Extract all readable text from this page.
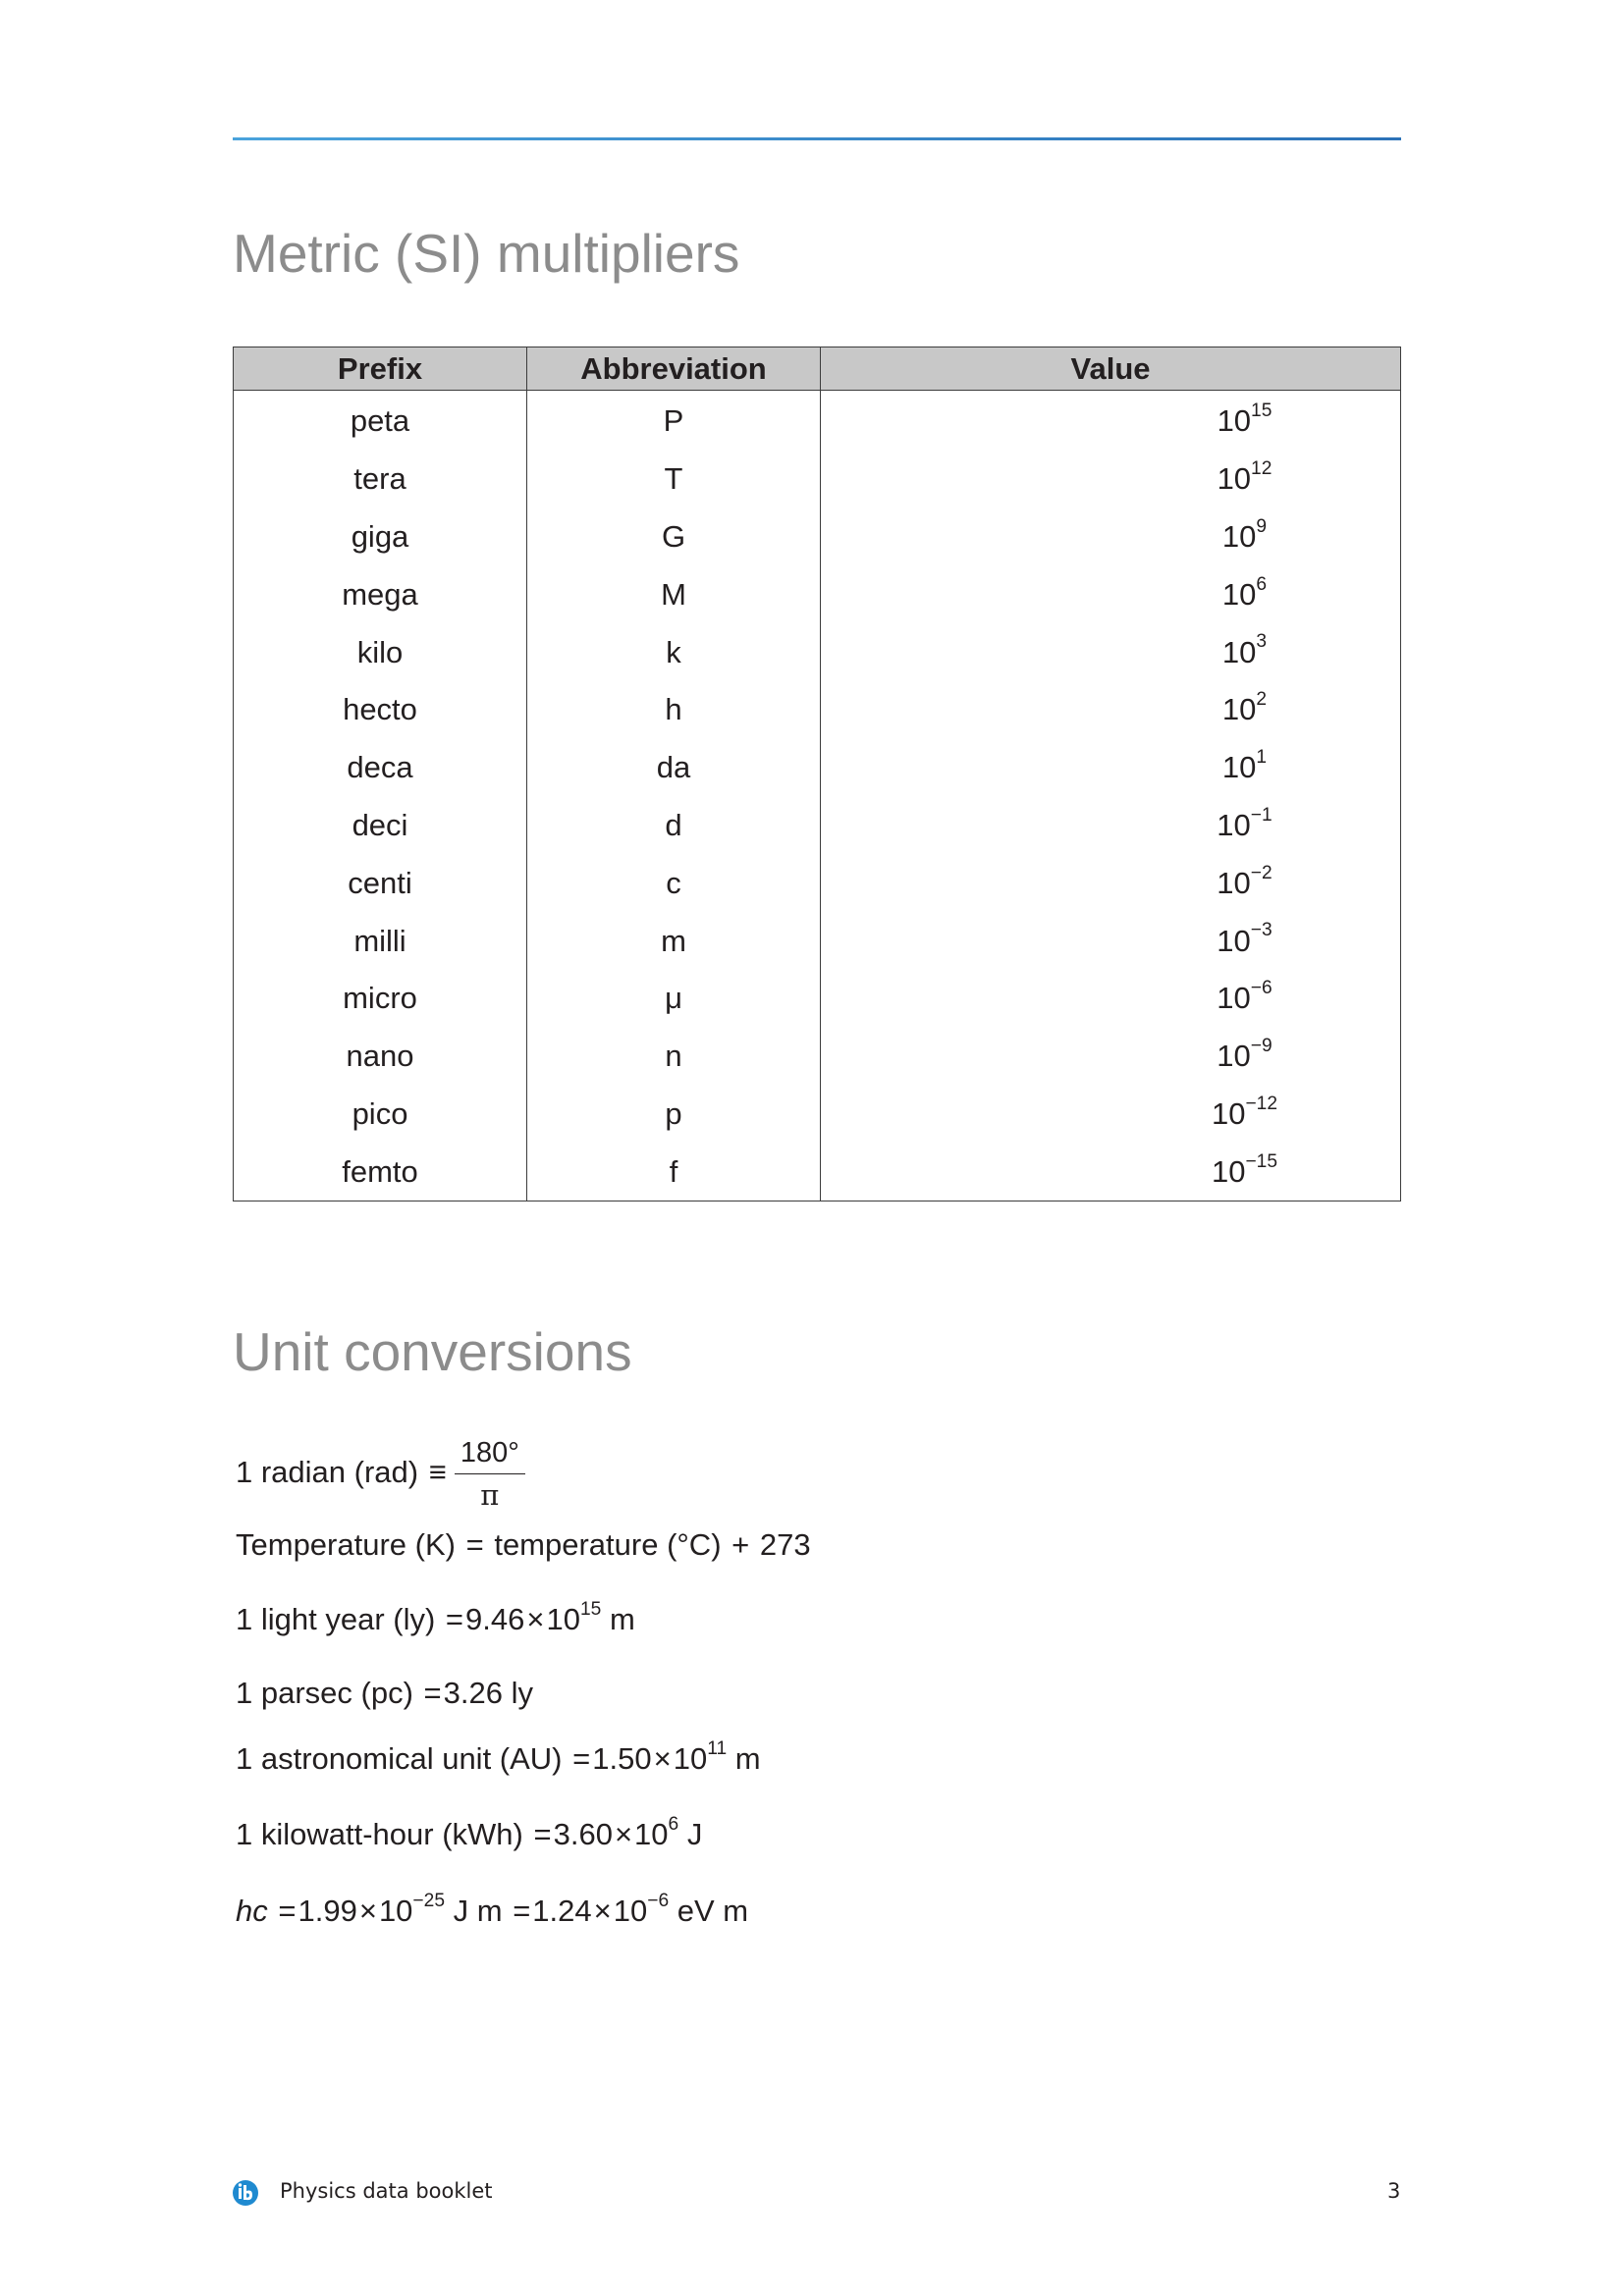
Metric (SI) multipliers
Prefix	Abbreviation	Value
peta	P	$10^{15}$
tera	T	$10^{12}$
giga	G	$10^9$
mega	M	$10^6$
kilo	k	$10^3$
hecto	h	$10^2$
deca	da	$10^1$
deci	d	$10^{-1}$
centi	c	$10^{-2}$
milli	m	$10^{-3}$
micro	μ	$10^{-6}$
nano	n	$10^{-9}$
pico	p	$10^{-12}$
femto	f	$10^{-15}$
Unit conversions
1 radian $(rad) \equiv \frac{180^\circ}{\pi}$
Temperature (K) = temperature (°C) + 273
1 light year $(ly) =9.46\times 10^{15}$ m
1 parsec (pc) =3.26 ly
1 astronomical unit $(AU) =1.50\times 10^{11}$ m
1 kilowatt-hour $(kWh) =3.60\times 10^6$ J
hc $=1.99\times 10^{-25}$ J $m =1.24\times 10^{-6}$ eV m
Physics data booklet	3
